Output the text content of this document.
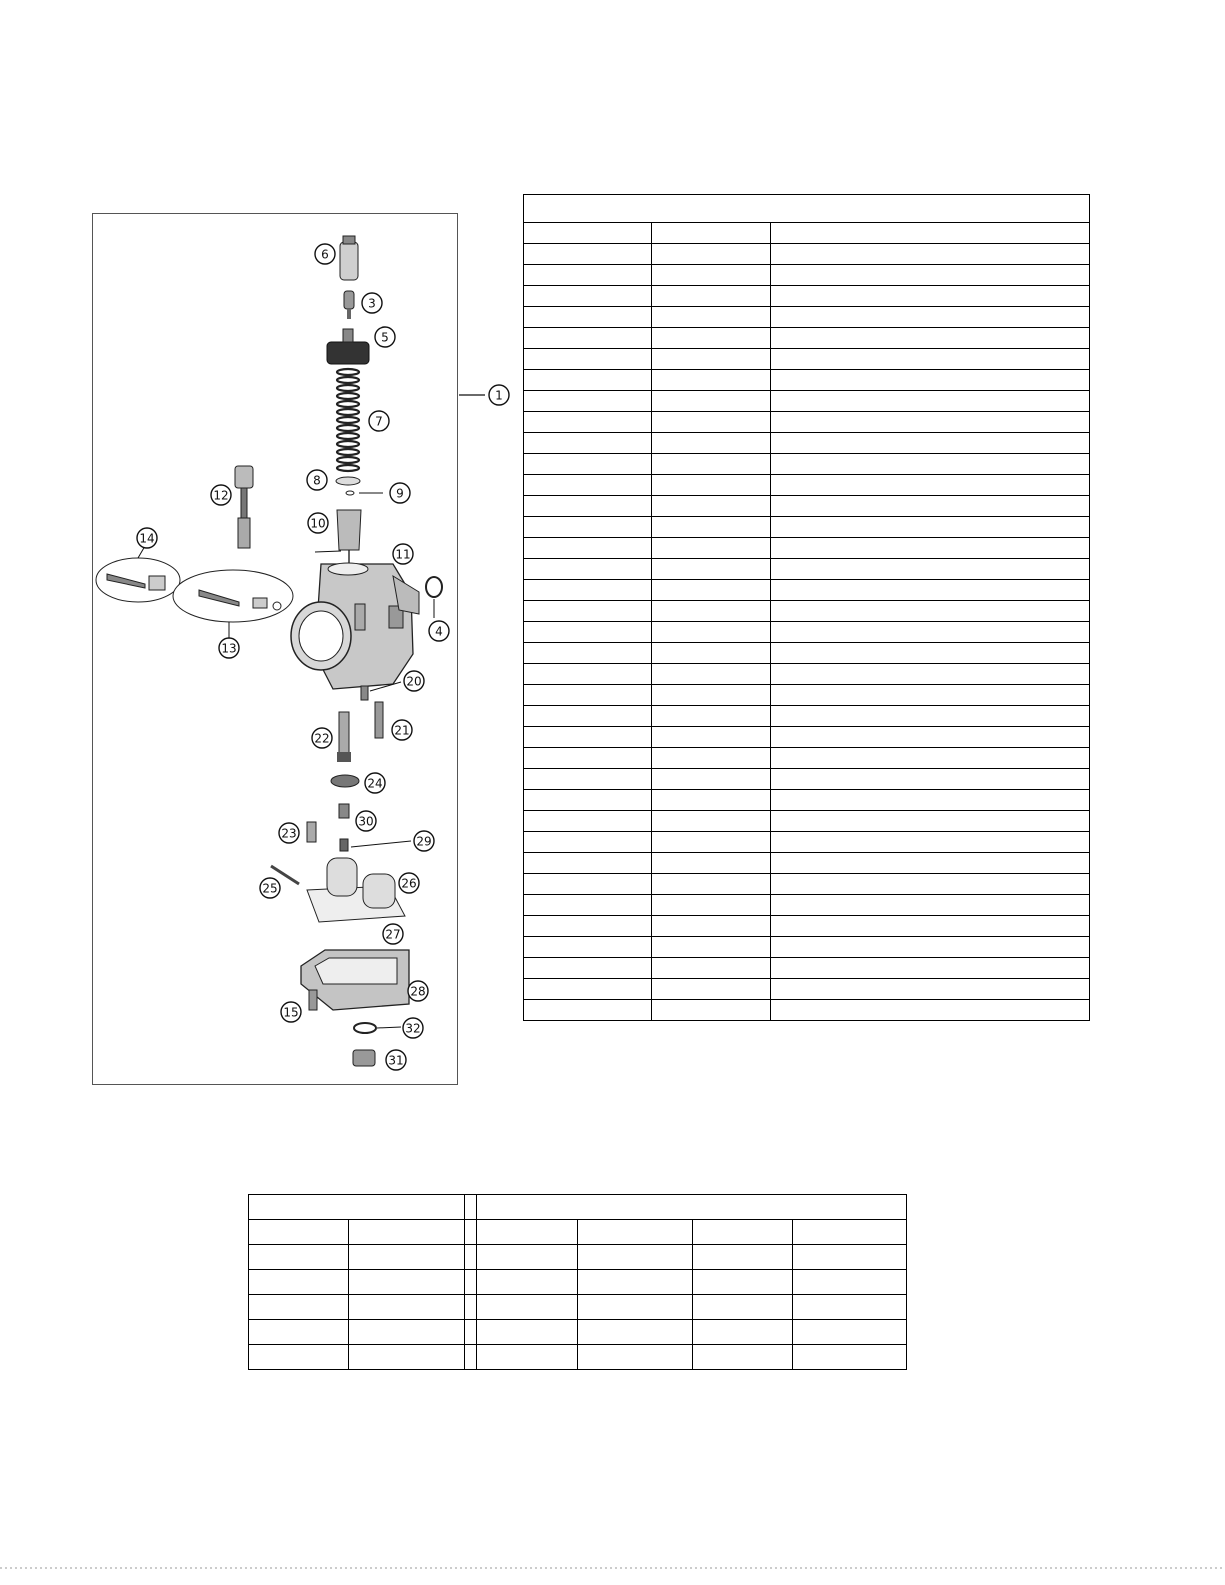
1
3
4
5
6
7
8
9
10
11
12
13
14
15
20
21
22
23
24
25	26
27
28
29
30
31
32
